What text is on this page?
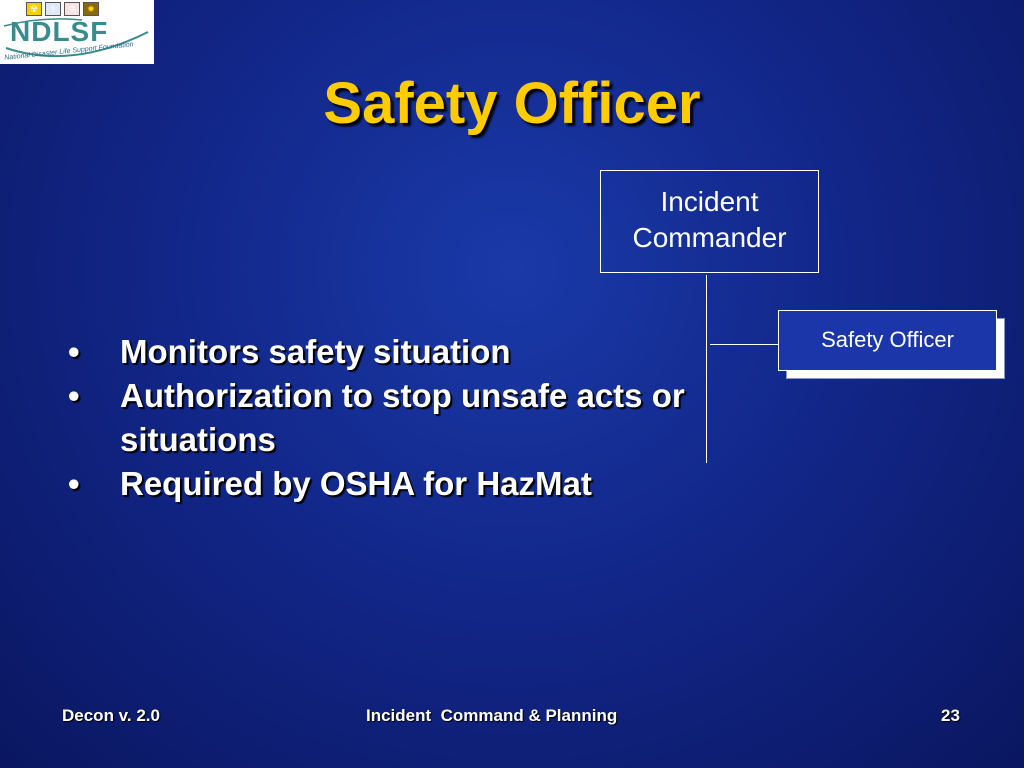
☢	⚕	⚗	✹
NDLSF
National Disaster Life Support Foundation
Safety Officer
Incident
Commander
Safety Officer
• Monitors safety situation
• Authorization to stop unsafe acts or situations
• Required by OSHA for HazMat
Decon v. 2.0	Incident  Command & Planning	23
